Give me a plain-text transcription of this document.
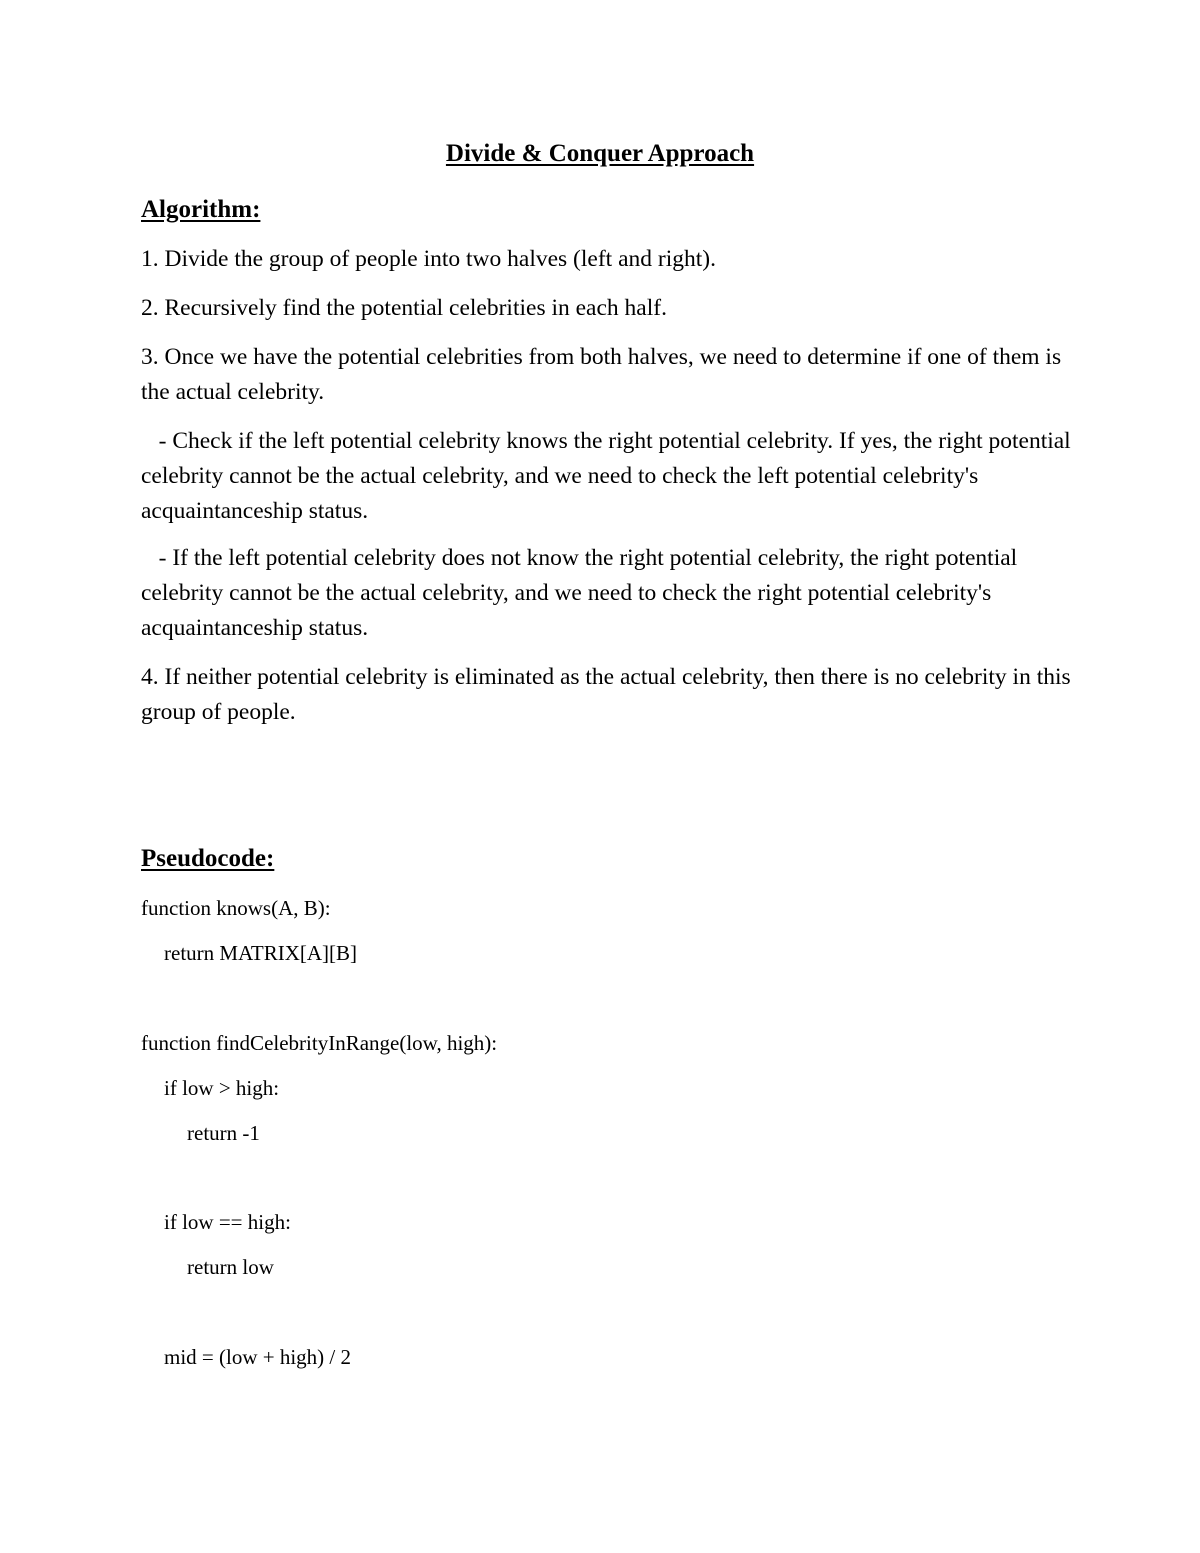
Divide & Conquer Approach
Algorithm:
1. Divide the group of people into two halves (left and right).
2. Recursively find the potential celebrities in each half.
3. Once we have the potential celebrities from both halves, we need to determine if one of them is the actual celebrity.
- Check if the left potential celebrity knows the right potential celebrity. If yes, the right potential celebrity cannot be the actual celebrity, and we need to check the left potential celebrity's acquaintanceship status.
- If the left potential celebrity does not know the right potential celebrity, the right potential celebrity cannot be the actual celebrity, and we need to check the right potential celebrity's acquaintanceship status.
4. If neither potential celebrity is eliminated as the actual celebrity, then there is no celebrity in this group of people.
Pseudocode:
function knows(A, B):
return MATRIX[A][B]
function findCelebrityInRange(low, high):
if low > high:
return -1
if low == high:
return low
mid = (low + high) / 2
